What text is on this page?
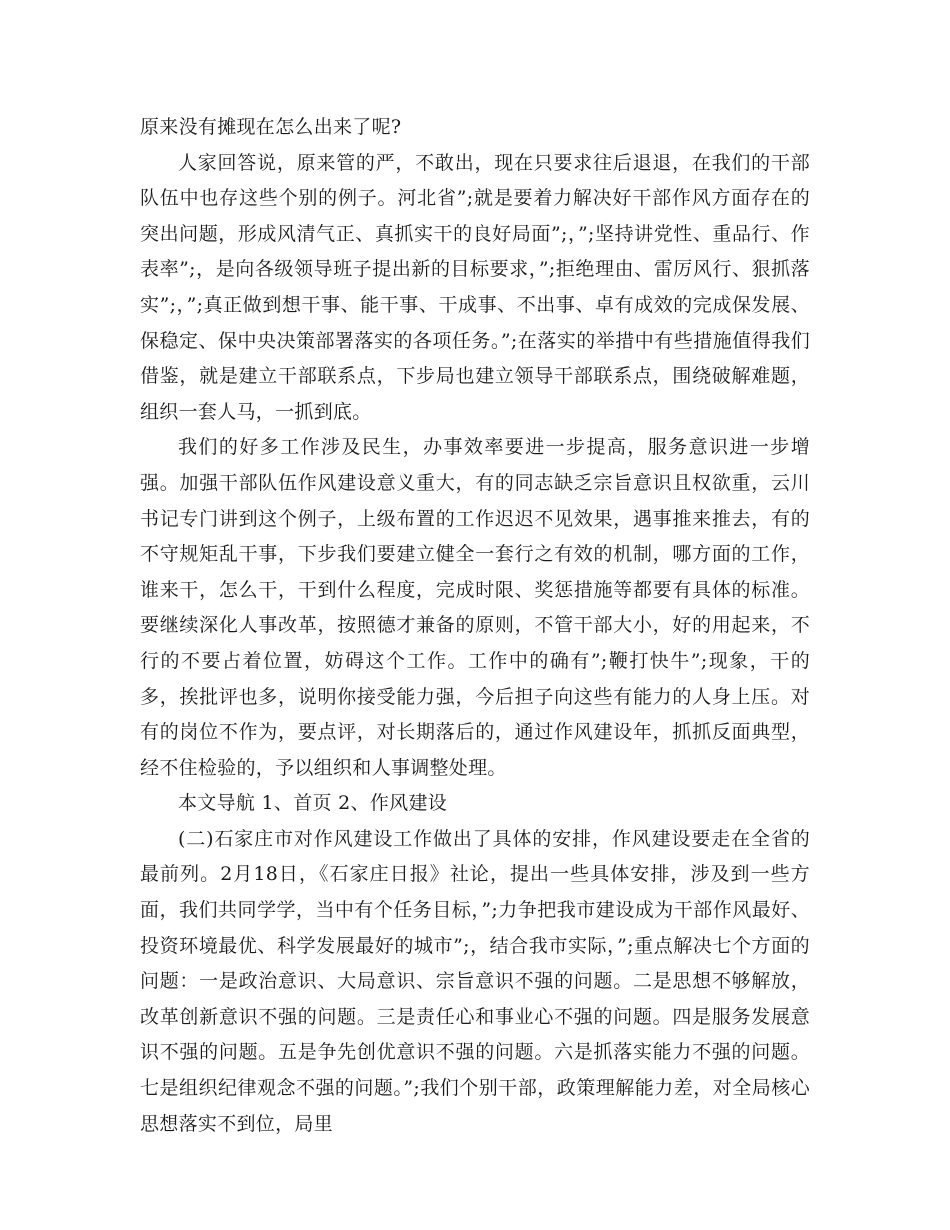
原来没有摊现在怎么出来了呢?

人家回答说，原来管的严，不敢出，现在只要求往后退退，在我们的干部队伍中也存这些个别的例子。河北省”;就是要着力解决好干部作风方面存在的突出问题，形成风清气正、真抓实干的良好局面”;，”;坚持讲党性、重品行、作表率”;，是向各级领导班子提出新的目标要求，”;拒绝理由、雷厉风行、狠抓落实”;，”;真正做到想干事、能干事、干成事、不出事、卓有成效的完成保发展、保稳定、保中央决策部署落实的各项任务。”;在落实的举措中有些措施值得我们借鉴，就是建立干部联系点，下步局也建立领导干部联系点，围绕破解难题，组织一套人马，一抓到底。

我们的好多工作涉及民生，办事效率要进一步提高，服务意识进一步增强。加强干部队伍作风建设意义重大，有的同志缺乏宗旨意识且权欲重，云川书记专门讲到这个例子，上级布置的工作迟迟不见效果，遇事推来推去，有的不守规矩乱干事，下步我们要建立健全一套行之有效的机制，哪方面的工作，谁来干，怎么干，干到什么程度，完成时限、奖惩措施等都要有具体的标准。要继续深化人事改革，按照德才兼备的原则，不管干部大小，好的用起来，不行的不要占着位置，妨碍这个工作。工作中的确有”;鞭打快牛”;现象，干的多，挨批评也多，说明你接受能力强，今后担子向这些有能力的人身上压。对有的岗位不作为，要点评，对长期落后的，通过作风建设年，抓抓反面典型，经不住检验的，予以组织和人事调整处理。

本文导航 1、首页 2、作风建设

(二)石家庄市对作风建设工作做出了具体的安排，作风建设要走在全省的最前列。2月18日，《石家庄日报》社论，提出一些具体安排，涉及到一些方面，我们共同学学，当中有个任务目标，”;力争把我市建设成为干部作风最好、投资环境最优、科学发展最好的城市”;，结合我市实际，”;重点解决七个方面的问题：一是政治意识、大局意识、宗旨意识不强的问题。二是思想不够解放，改革创新意识不强的问题。三是责任心和事业心不强的问题。四是服务发展意识不强的问题。五是争先创优意识不强的问题。六是抓落实能力不强的问题。七是组织纪律观念不强的问题。”;我们个别干部，政策理解能力差，对全局核心思想落实不到位，局里
